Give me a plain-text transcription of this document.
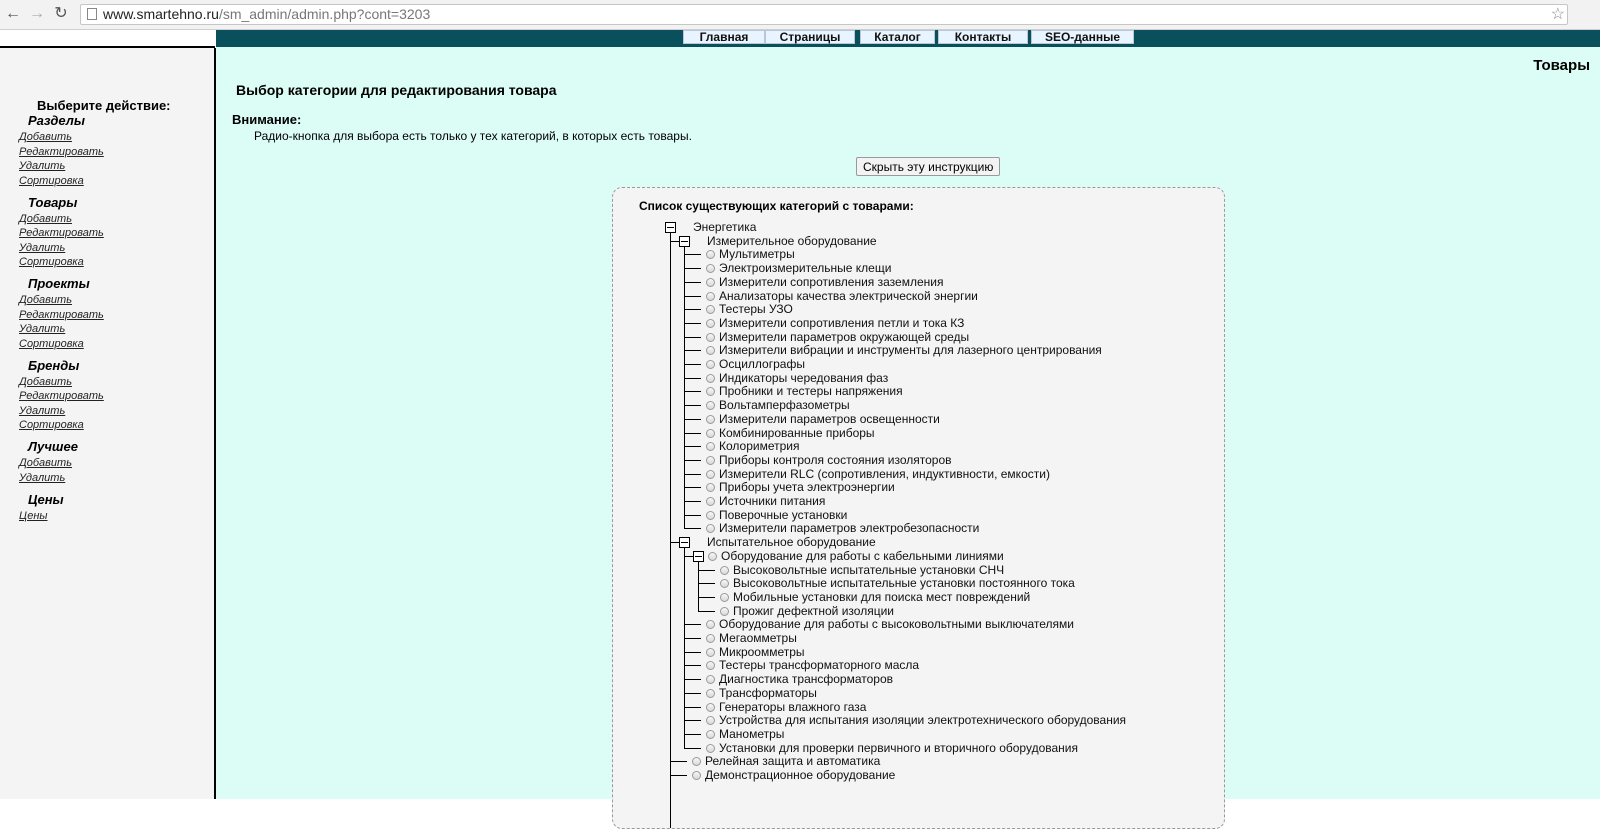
← → ↻	www.smartehno.ru/sm_admin/admin.php?cont=3203	☆
Выберите действие:
Разделы
Добавить
Редактировать
Удалить
Сортировка
Товары
Добавить
Редактировать
Удалить
Сортировка
Проекты
Добавить
Редактировать
Удалить
Сортировка
Бренды
Добавить
Редактировать
Удалить
Сортировка
Лучшее
Добавить
Удалить
Цены
Цены
Главная	Страницы	Каталог	Контакты	SEO-данные
Товары
Выбор категории для редактирования товара
Внимание:
Радио-кнопка для выбора есть только у тех категорий, в которых есть товары.
Скрыть эту инструкцию
Список существующих категорий с товарами:
Энергетика
Измерительное оборудование
Мультиметры
Электроизмерительные клещи
Измерители сопротивления заземления
Анализаторы качества электрической энергии
Тестеры УЗО
Измерители сопротивления петли и тока КЗ
Измерители параметров окружающей среды
Измерители вибрации и инструменты для лазерного центрирования
Осциллографы
Индикаторы чередования фаз
Пробники и тестеры напряжения
Вольтамперфазометры
Измерители параметров освещенности
Комбинированные приборы
Колориметрия
Приборы контроля состояния изоляторов
Измерители RLC (сопротивления, индуктивности, емкости)
Приборы учета электроэнергии
Источники питания
Поверочные установки
Измерители параметров электробезопасности
Испытательное оборудование
Оборудование для работы с кабельными линиями
Высоковольтные испытательные установки СНЧ
Высоковольтные испытательные установки постоянного тока
Мобильные установки для поиска мест повреждений
Прожиг дефектной изоляции
Оборудование для работы с высоковольтными выключателями
Мегаомметры
Микроомметры
Тестеры трансформаторного масла
Диагностика трансформаторов
Трансформаторы
Генераторы влажного газа
Устройства для испытания изоляции электротехнического оборудования
Манометры
Установки для проверки первичного и вторичного оборудования
Релейная защита и автоматика
Демонстрационное оборудование
